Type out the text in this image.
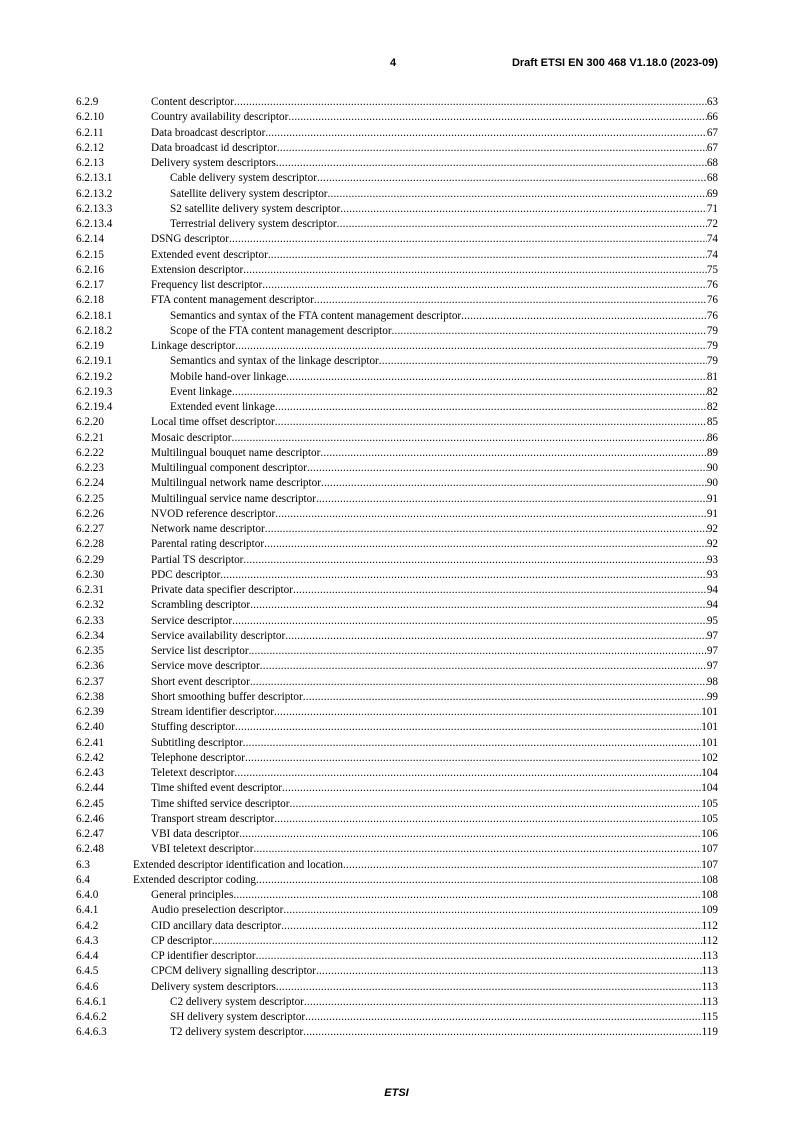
4	Draft ETSI EN 300 468 V1.18.0 (2023-09)
6.2.9	Content descriptor .....	63
6.2.10	Country availability descriptor .....	66
6.2.11	Data broadcast descriptor .....	67
6.2.12	Data broadcast id descriptor .....	67
6.2.13	Delivery system descriptors .....	68
6.2.13.1	Cable delivery system descriptor .....	68
6.2.13.2	Satellite delivery system descriptor .....	69
6.2.13.3	S2 satellite delivery system descriptor .....	71
6.2.13.4	Terrestrial delivery system descriptor .....	72
6.2.14	DSNG descriptor .....	74
6.2.15	Extended event descriptor .....	74
6.2.16	Extension descriptor .....	75
6.2.17	Frequency list descriptor .....	76
6.2.18	FTA content management descriptor .....	76
6.2.18.1	Semantics and syntax of the FTA content management descriptor .....	76
6.2.18.2	Scope of the FTA content management descriptor .....	79
6.2.19	Linkage descriptor .....	79
6.2.19.1	Semantics and syntax of the linkage descriptor .....	79
6.2.19.2	Mobile hand-over linkage .....	81
6.2.19.3	Event linkage .....	82
6.2.19.4	Extended event linkage .....	82
6.2.20	Local time offset descriptor .....	85
6.2.21	Mosaic descriptor .....	86
6.2.22	Multilingual bouquet name descriptor .....	89
6.2.23	Multilingual component descriptor .....	90
6.2.24	Multilingual network name descriptor .....	90
6.2.25	Multilingual service name descriptor .....	91
6.2.26	NVOD reference descriptor .....	91
6.2.27	Network name descriptor .....	92
6.2.28	Parental rating descriptor .....	92
6.2.29	Partial TS descriptor .....	93
6.2.30	PDC descriptor .....	93
6.2.31	Private data specifier descriptor .....	94
6.2.32	Scrambling descriptor .....	94
6.2.33	Service descriptor .....	95
6.2.34	Service availability descriptor .....	97
6.2.35	Service list descriptor .....	97
6.2.36	Service move descriptor .....	97
6.2.37	Short event descriptor .....	98
6.2.38	Short smoothing buffer descriptor .....	99
6.2.39	Stream identifier descriptor .....	101
6.2.40	Stuffing descriptor .....	101
6.2.41	Subtitling descriptor .....	101
6.2.42	Telephone descriptor .....	102
6.2.43	Teletext descriptor .....	104
6.2.44	Time shifted event descriptor .....	104
6.2.45	Time shifted service descriptor .....	105
6.2.46	Transport stream descriptor .....	105
6.2.47	VBI data descriptor .....	106
6.2.48	VBI teletext descriptor .....	107
6.3	Extended descriptor identification and location .....	107
6.4	Extended descriptor coding .....	108
6.4.0	General principles .....	108
6.4.1	Audio preselection descriptor .....	109
6.4.2	CID ancillary data descriptor .....	112
6.4.3	CP descriptor .....	112
6.4.4	CP identifier descriptor .....	113
6.4.5	CPCM delivery signalling descriptor .....	113
6.4.6	Delivery system descriptors .....	113
6.4.6.1	C2 delivery system descriptor .....	113
6.4.6.2	SH delivery system descriptor .....	115
6.4.6.3	T2 delivery system descriptor .....	119
ETSI
